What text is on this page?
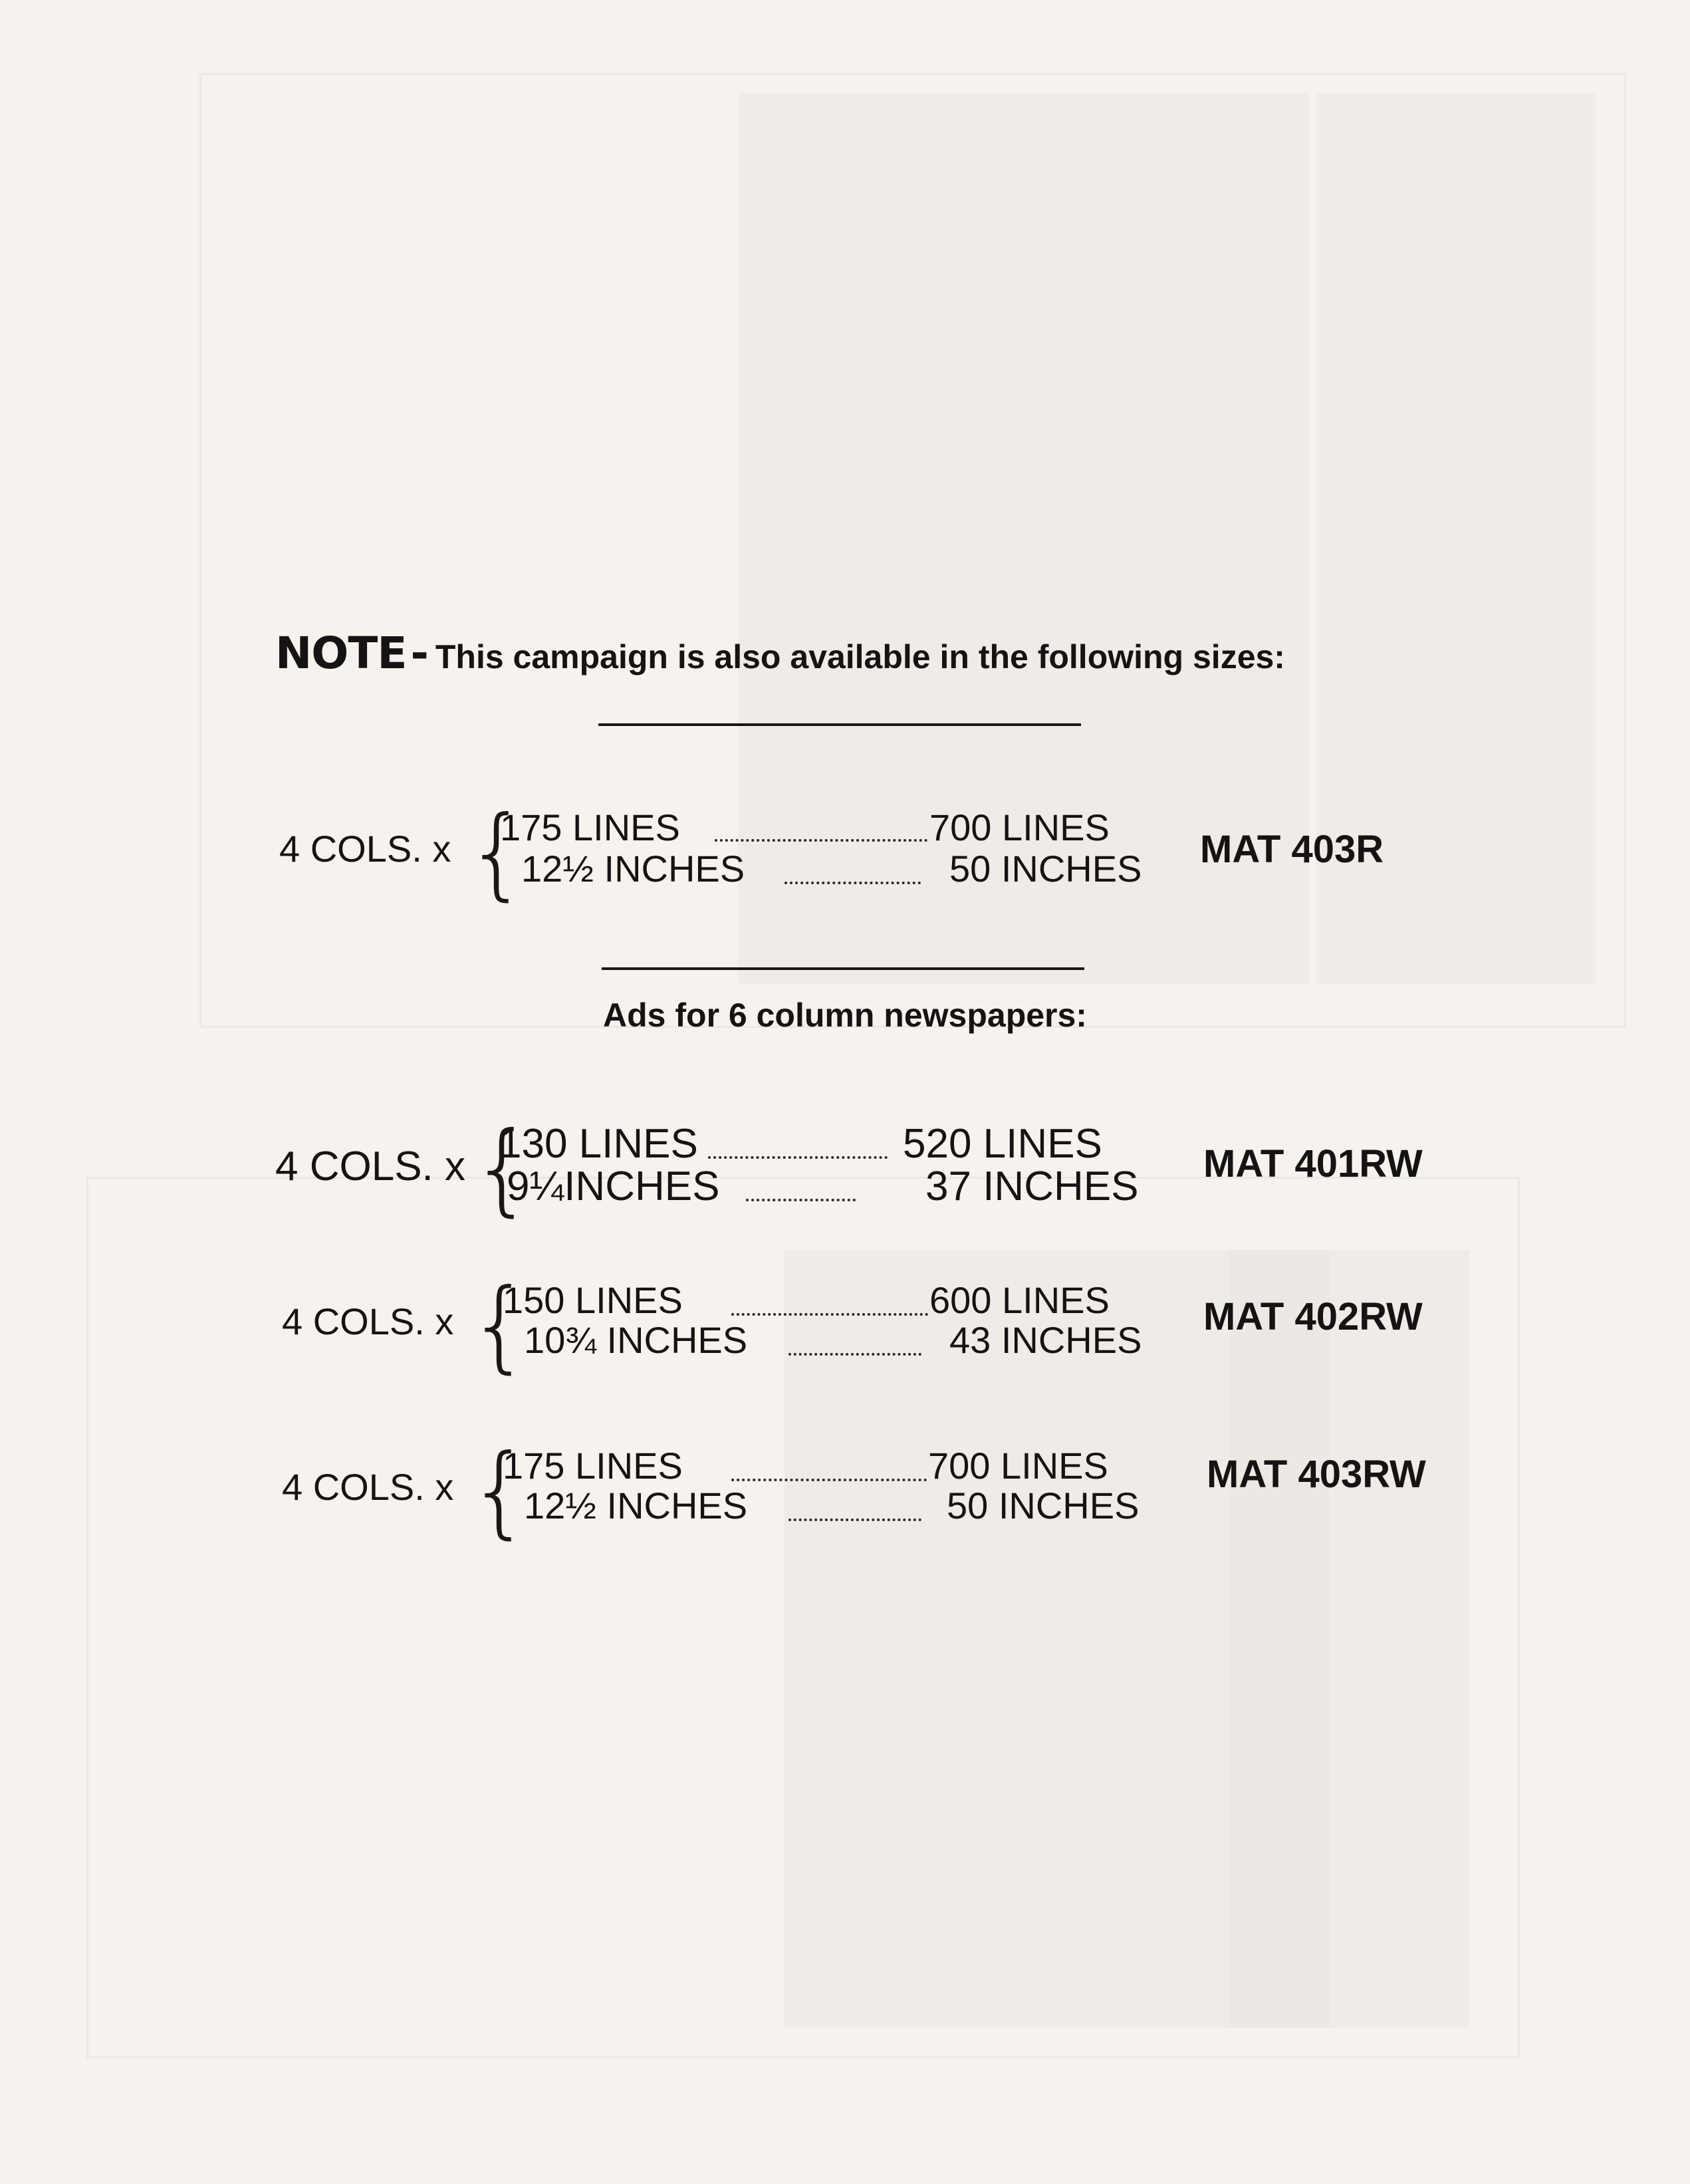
NOTE- This campaign is also available in the following sizes:
4 COLS. x {
175 LINES	700 LINES
12½ INCHES	50 INCHES MAT 403R
Ads for 6 column newspapers:
4 COLS. x {
130 LINES	520 LINES
9¼INCHES	37 INCHES MAT 401RW
4 COLS. x {
150 LINES	600 LINES
10¾ INCHES	43 INCHES
MAT 402RW
4 COLS. x {
175 LINES	700 LINES
12½ INCHES	50 INCHES
MAT 403RW
